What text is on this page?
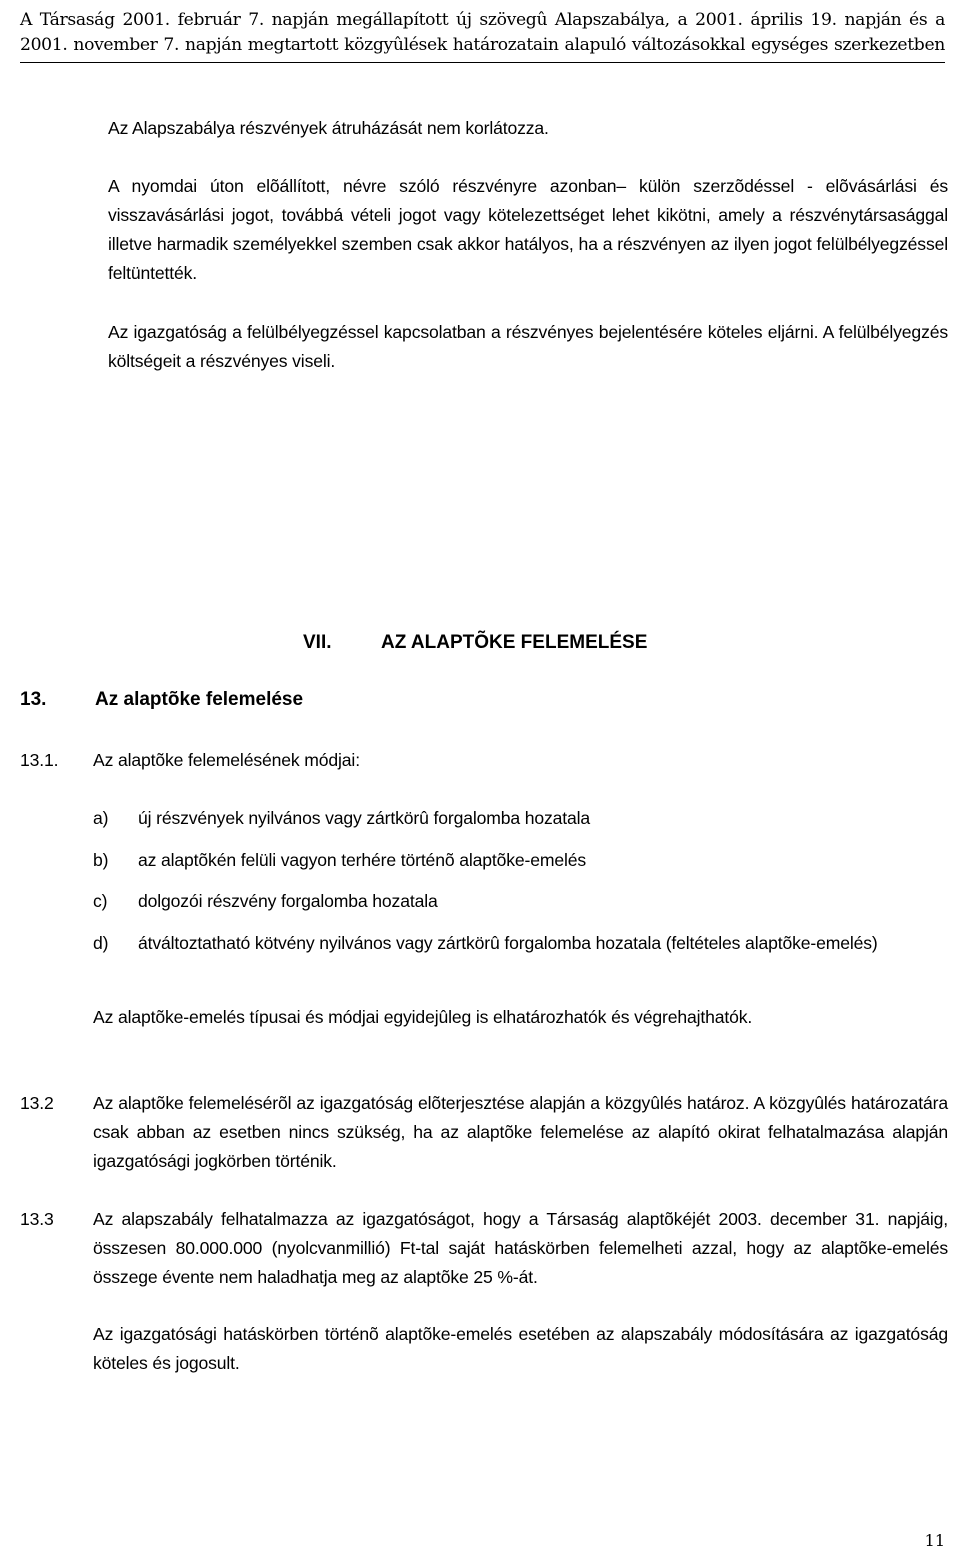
A Társaság 2001. február 7. napján megállapított új szövegû Alapszabálya, a 2001. április 19. napján és a
2001. november 7. napján megtartott közgyûlések határozatain alapuló változásokkal egységes szerkezetben

Az Alapszabálya részvények átruházását nem korlátozza.

A nyomdai úton elõállított, névre szóló részvényre azonban– külön szerzõdéssel - elõvásárlási és visszavásárlási jogot, továbbá vételi jogot vagy kötelezettséget lehet kikötni, amely a részvénytársasággal illetve harmadik személyekkel szemben csak akkor hatályos, ha a részvényen az ilyen jogot felülbélyegzéssel feltüntették.

Az igazgatóság a felülbélyegzéssel kapcsolatban a részvényes bejelentésére köteles eljárni. A felülbélyegzés költségeit a részvényes viseli.

VII.	AZ ALAPTÕKE FELEMELÉSE
13.	Az alaptõke felemelése
13.1. Az alaptõke felemelésének módjai:
a) új részvények nyilvános vagy zártkörû forgalomba hozatala
b) az alaptõkén felüli vagyon terhére történõ alaptõke-emelés
c) dolgozói részvény forgalomba hozatala
d) átváltoztatható kötvény nyilvános vagy zártkörû forgalomba hozatala (feltételes alaptõke-emelés)

Az alaptõke-emelés típusai és módjai egyidejûleg is elhatározhatók és végrehajthatók.

13.2 Az alaptõke felemelésérõl az igazgatóság elõterjesztése alapján a közgyûlés határoz. A közgyûlés határozatára csak abban az esetben nincs szükség, ha az alaptõke felemelése az alapító okirat felhatalmazása alapján igazgatósági jogkörben történik.

13.3 Az alapszabály felhatalmazza az igazgatóságot, hogy a Társaság alaptõkéjét 2003. december 31. napjáig, összesen 80.000.000 (nyolcvanmillió) Ft-tal saját hatáskörben felemelheti azzal, hogy az alaptõke-emelés összege évente nem haladhatja meg az alaptõke 25 %-át.

Az igazgatósági hatáskörben történõ alaptõke-emelés esetében az alapszabály módosítására az igazgatóság köteles és jogosult.

11
